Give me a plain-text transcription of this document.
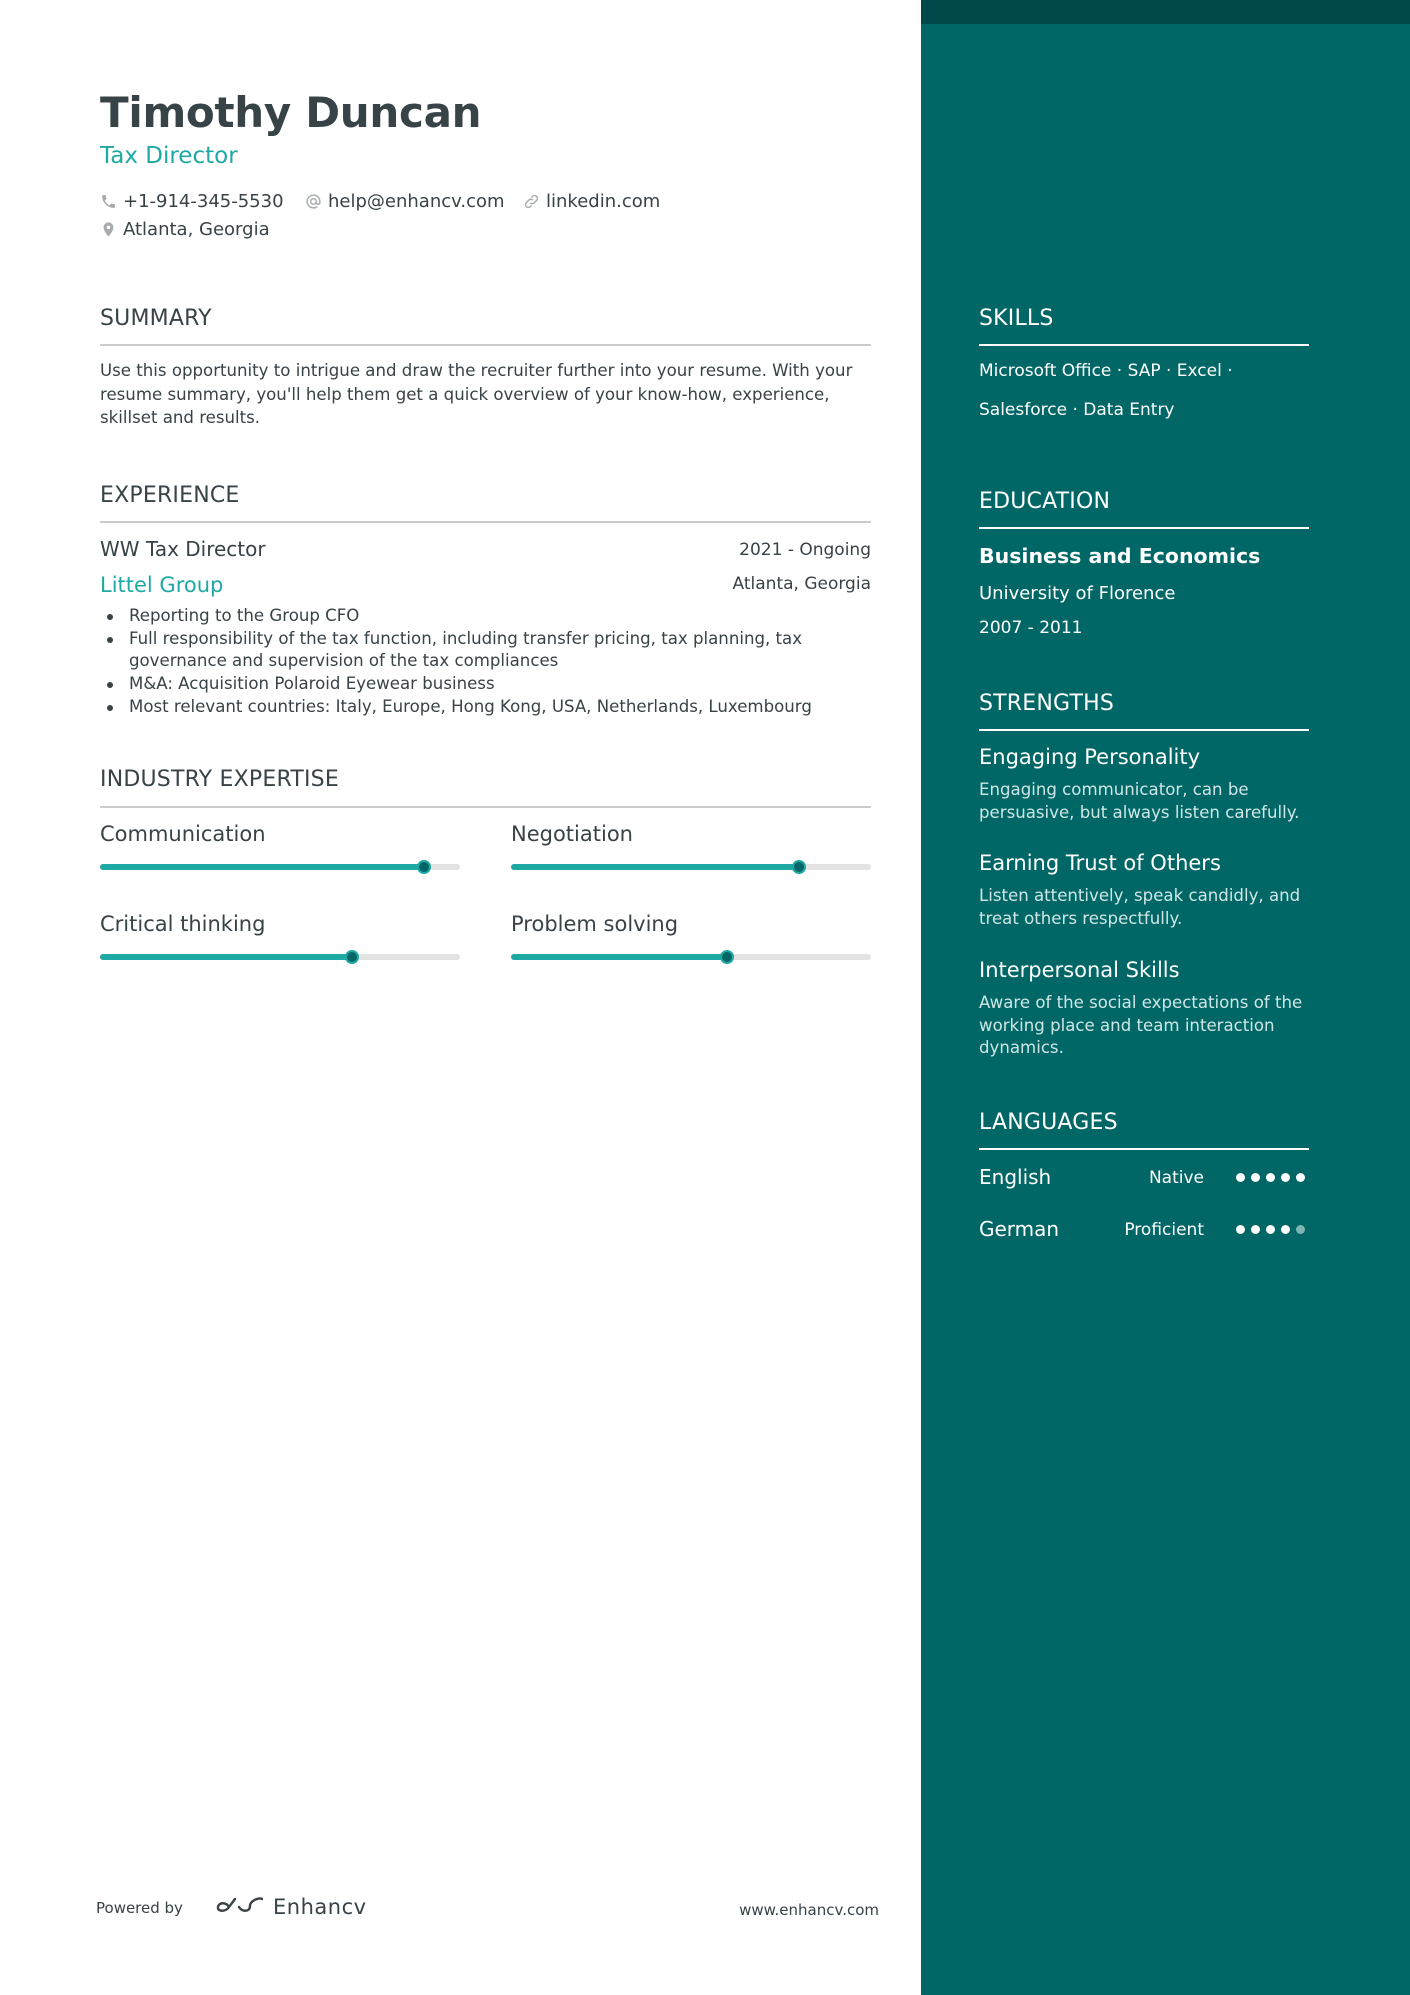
Timothy Duncan
Tax Director
+1-914-345-5530 help@enhancv.com linkedin.com
Atlanta, Georgia
SUMMARY
Use this opportunity to intrigue and draw the recruiter further into your resume. With your resume summary, you'll help them get a quick overview of your know-how, experience, skillset and results.
EXPERIENCE
WW Tax Director	2021 - Ongoing
Littel Group	Atlanta, Georgia
Reporting to the Group CFO
Full responsibility of the tax function, including transfer pricing, tax planning, tax governance and supervision of the tax compliances
M&A: Acquisition Polaroid Eyewear business
Most relevant countries: Italy, Europe, Hong Kong, USA, Netherlands, Luxembourg
INDUSTRY EXPERTISE
Communication	Negotiation
Critical thinking	Problem solving
Powered by	Enhancv	www.enhancv.com
SKILLS
Microsoft Office · SAP · Excel ·
Salesforce · Data Entry
EDUCATION
Business and Economics
University of Florence
2007 - 2011
STRENGTHS
Engaging Personality
Engaging communicator, can be persuasive, but always listen carefully.
Earning Trust of Others
Listen attentively, speak candidly, and treat others respectfully.
Interpersonal Skills
Aware of the social expectations of the working place and team interaction dynamics.
LANGUAGES
English	Native
German	Proficient
